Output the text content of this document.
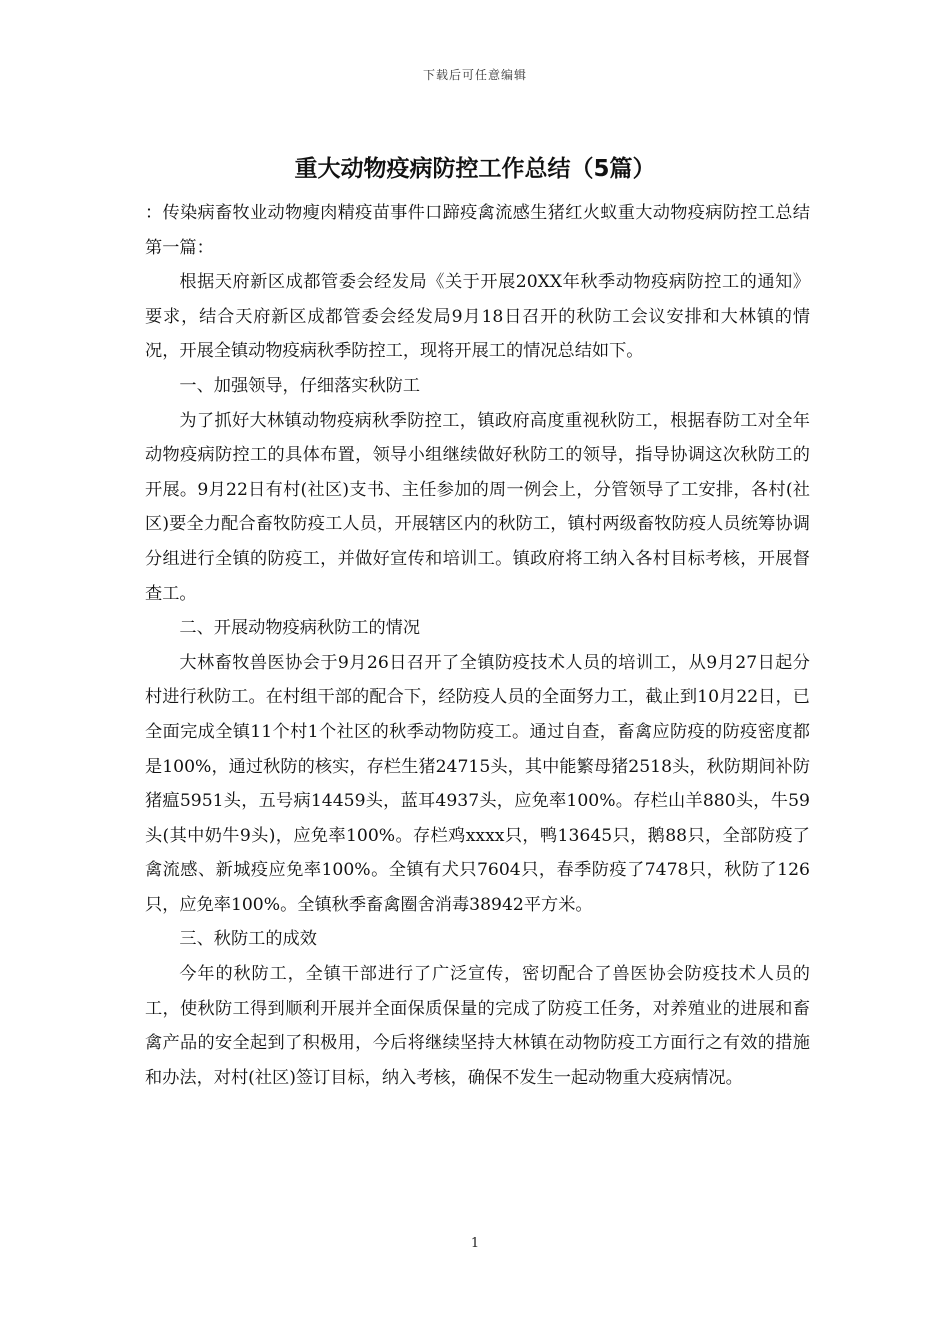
下载后可任意编辑
重大动物疫病防控工作总结（5篇）

：传染病畜牧业动物瘦肉精疫苗事件口蹄疫禽流感生猪红火蚁重大动物疫病防控工总结 第一篇：

根据天府新区成都管委会经发局《关于开展20XX年秋季动物疫病防控工的通知》要求，结合天府新区成都管委会经发局9月18日召开的秋防工会议安排和大林镇的情况，开展全镇动物疫病秋季防控工，现将开展工的情况总结如下。

一、加强领导，仔细落实秋防工

为了抓好大林镇动物疫病秋季防控工，镇政府高度重视秋防工，根据春防工对全年动物疫病防控工的具体布置，领导小组继续做好秋防工的领导，指导协调这次秋防工的开展。9月22日有村(社区)支书、主任参加的周一例会上，分管领导了工安排，各村(社区)要全力配合畜牧防疫工人员，开展辖区内的秋防工，镇村两级畜牧防疫人员统筹协调分组进行全镇的防疫工，并做好宣传和培训工。镇政府将工纳入各村目标考核，开展督查工。

二、开展动物疫病秋防工的情况

大林畜牧兽医协会于9月26日召开了全镇防疫技术人员的培训工，从9月27日起分村进行秋防工。在村组干部的配合下，经防疫人员的全面努力工，截止到10月22日，已全面完成全镇11个村1个社区的秋季动物防疫工。通过自查，畜禽应防疫的防疫密度都是100%，通过秋防的核实，存栏生猪24715头，其中能繁母猪2518头，秋防期间补防猪瘟5951头，五号病14459头，蓝耳4937头，应免率100%。存栏山羊880头，牛59头(其中奶牛9头)，应免率100%。存栏鸡xxxx只，鸭13645只，鹅88只，全部防疫了禽流感、新城疫应免率100%。全镇有犬只7604只，春季防疫了7478只，秋防了126只，应免率100%。全镇秋季畜禽圈舍消毒38942平方米。

三、秋防工的成效

今年的秋防工，全镇干部进行了广泛宣传，密切配合了兽医协会防疫技术人员的工，使秋防工得到顺利开展并全面保质保量的完成了防疫工任务，对养殖业的进展和畜禽产品的安全起到了积极用，今后将继续坚持大林镇在动物防疫工方面行之有效的措施和办法，对村(社区)签订目标，纳入考核，确保不发生一起动物重大疫病情况。

1
